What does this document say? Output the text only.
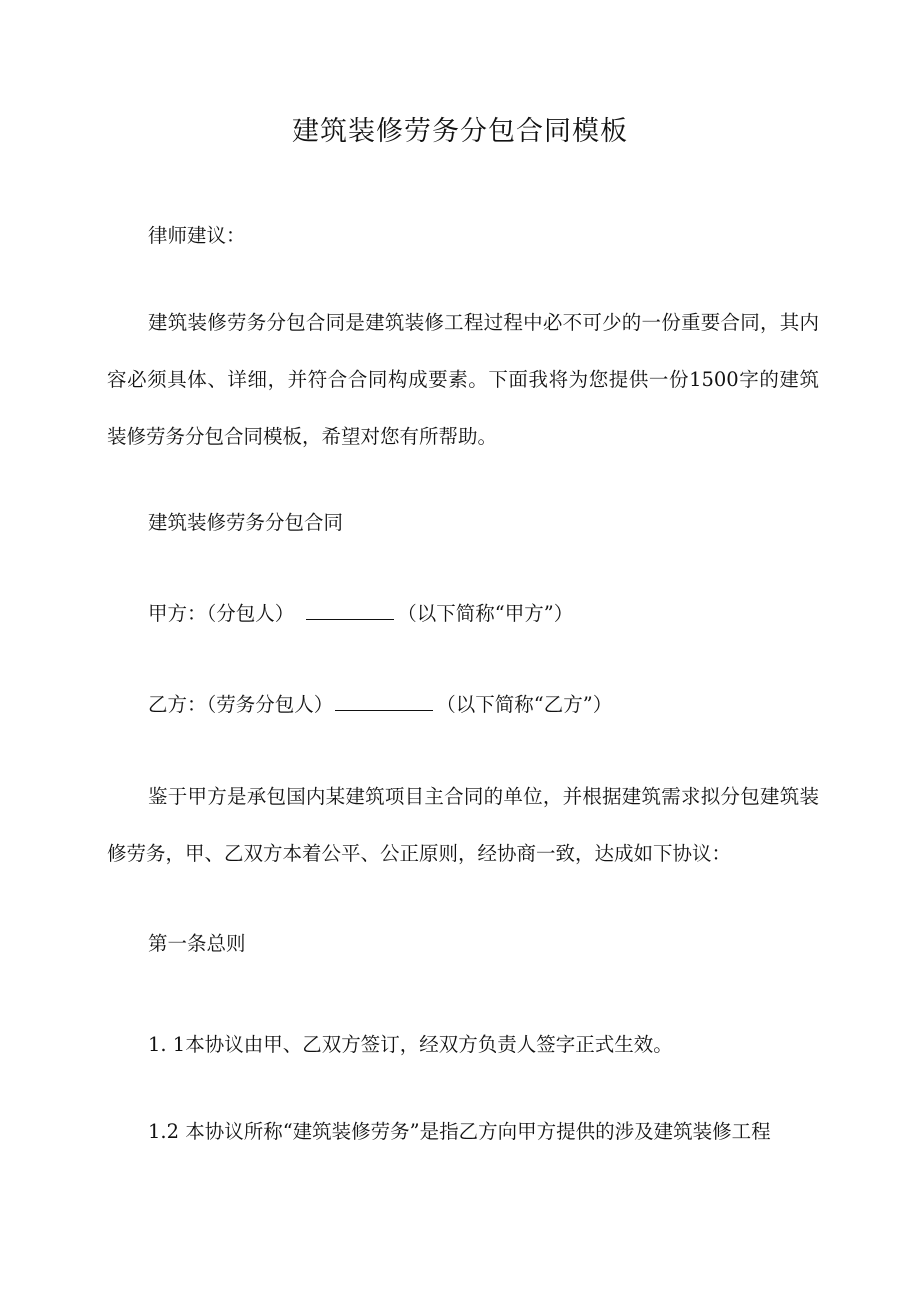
建筑装修劳务分包合同模板

律师建议：

建筑装修劳务分包合同是建筑装修工程过程中必不可少的一份重要合同，其内容必须具体、详细，并符合合同构成要素。下面我将为您提供一份1500字的建筑装修劳务分包合同模板，希望对您有所帮助。

建筑装修劳务分包合同

甲方：（分包人）	（以下简称“甲方”）

乙方：（劳务分包人）	（以下简称“乙方”）

鉴于甲方是承包国内某建筑项目主合同的单位，并根据建筑需求拟分包建筑装修劳务，甲、乙双方本着公平、公正原则，经协商一致，达成如下协议：

第一条总则

1. 1本协议由甲、乙双方签订，经双方负责人签字正式生效。

1.2 本协议所称“建筑装修劳务”是指乙方向甲方提供的涉及建筑装修工程
